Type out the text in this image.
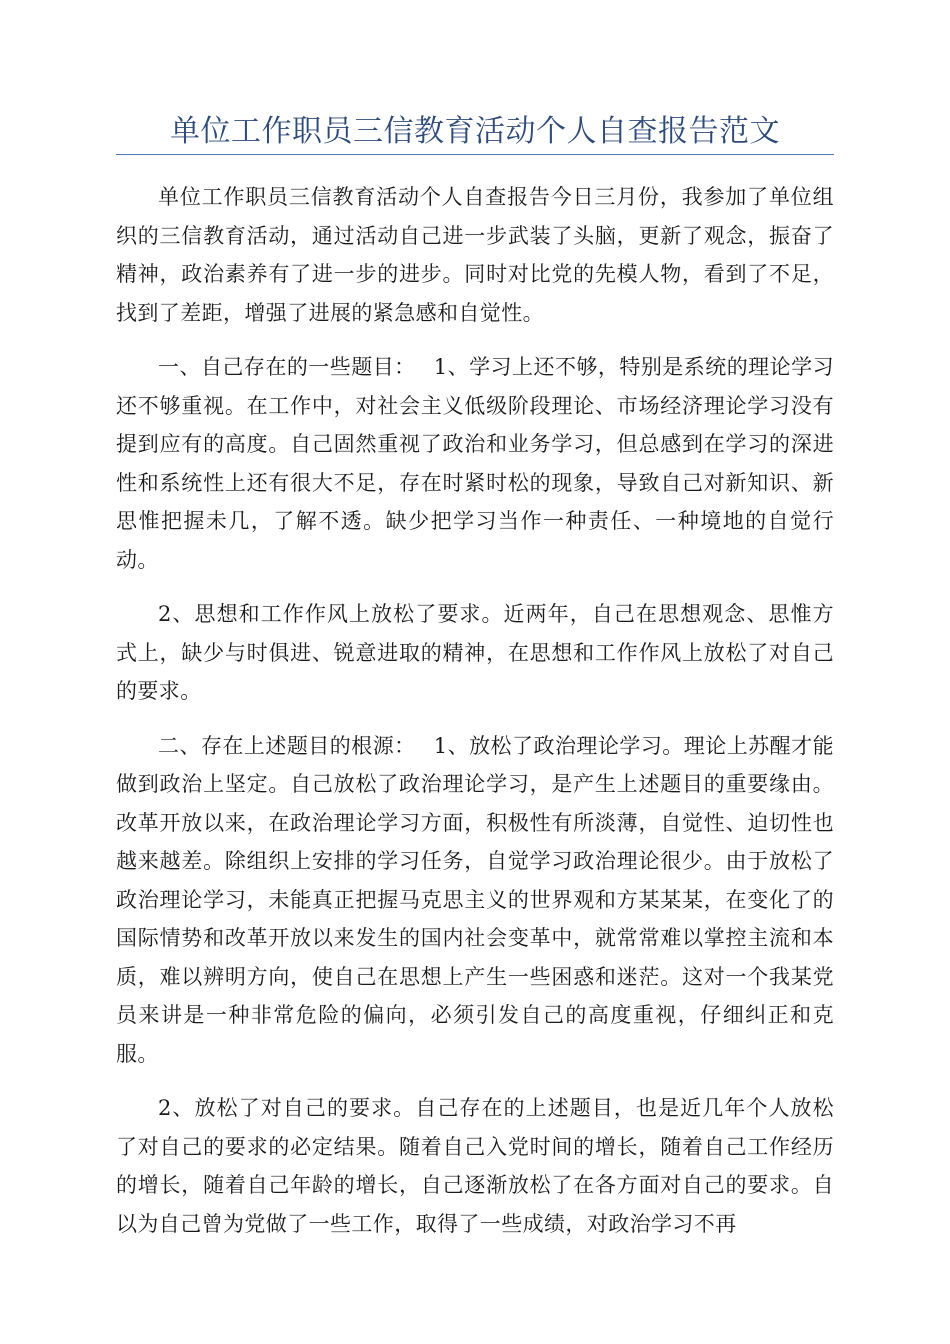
单位工作职员三信教育活动个人自查报告范文

单位工作职员三信教育活动个人自查报告今日三月份，我参加了单位组织的三信教育活动，通过活动自己进一步武装了头脑，更新了观念，振奋了精神，政治素养有了进一步的进步。同时对比党的先模人物，看到了不足，找到了差距，增强了进展的紧急感和自觉性。

一、自己存在的一些题目：　 1、学习上还不够，特别是系统的理论学习还不够重视。在工作中，对社会主义低级阶段理论、市场经济理论学习没有提到应有的高度。自己固然重视了政治和业务学习，但总感到在学习的深进性和系统性上还有很大不足，存在时紧时松的现象，导致自己对新知识、新思惟把握未几，了解不透。缺少把学习当作一种责任、一种境地的自觉行动。

2、思想和工作作风上放松了要求。近两年，自己在思想观念、思惟方式上，缺少与时俱进、锐意进取的精神，在思想和工作作风上放松了对自己的要求。

二、存在上述题目的根源：　 1、放松了政治理论学习。理论上苏醒才能做到政治上坚定。自己放松了政治理论学习，是产生上述题目的重要缘由。改革开放以来，在政治理论学习方面，积极性有所淡薄，自觉性、迫切性也越来越差。除组织上安排的学习任务，自觉学习政治理论很少。由于放松了政治理论学习，未能真正把握马克思主义的世界观和方某某某，在变化了的国际情势和改革开放以来发生的国内社会变革中，就常常难以掌控主流和本质，难以辨明方向，使自己在思想上产生一些困惑和迷茫。这对一个我某党员来讲是一种非常危险的偏向，必须引发自己的高度重视，仔细纠正和克服。

2、放松了对自己的要求。自己存在的上述题目，也是近几年个人放松了对自己的要求的必定结果。随着自己入党时间的增长，随着自己工作经历的增长，随着自己年龄的增长，自己逐渐放松了在各方面对自己的要求。自以为自己曾为党做了一些工作，取得了一些成绩，对政治学习不再
